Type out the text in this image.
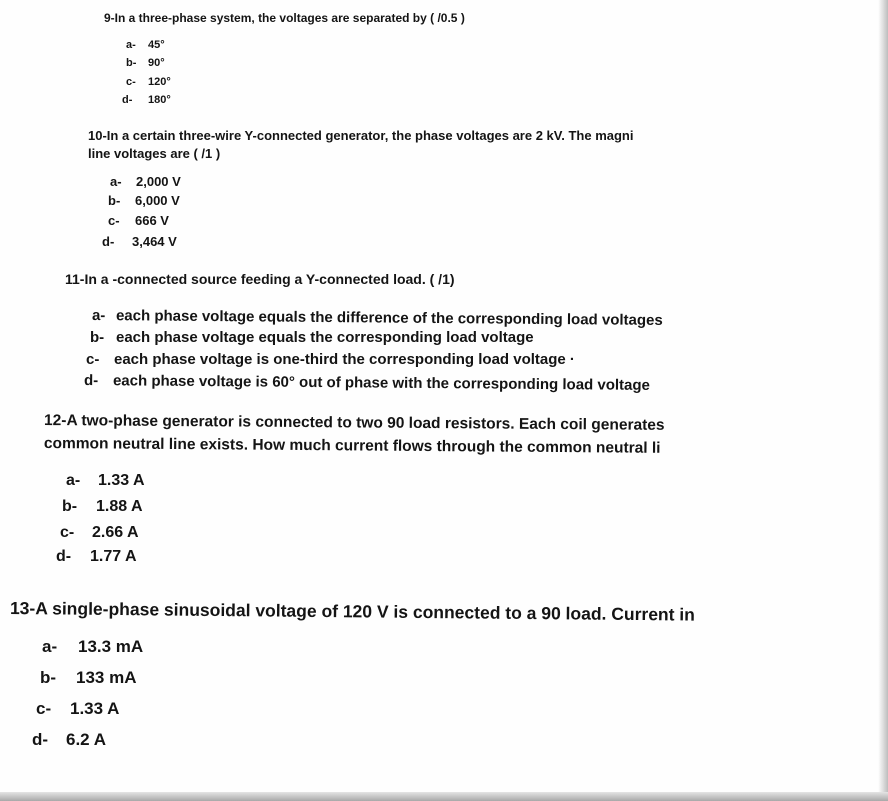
9-In a three-phase system, the voltages are separated by ( /0.5 )
a- 45°
b- 90°
c- 120°
d- 180°
10-In a certain three-wire Y-connected generator, the phase voltages are 2 kV. The magni
line voltages are ( /1 )
a- 2,000 V
b- 6,000 V
c- 666 V
d- 3,464 V
11-In a -connected source feeding a Y-connected load. ( /1)
a- each phase voltage equals the difference of the corresponding load voltages
b- each phase voltage equals the corresponding load voltage
c- each phase voltage is one-third the corresponding load voltage ·
d- each phase voltage is 60° out of phase with the corresponding load voltage
12-A two-phase generator is connected to two 90 load resistors. Each coil generates
common neutral line exists. How much current flows through the common neutral li
a- 1.33 A
b- 1.88 A
c- 2.66 A
d- 1.77 A
13-A single-phase sinusoidal voltage of 120 V is connected to a 90 load. Current in
a- 13.3 mA
b- 133 mA
c- 1.33 A
d- 6.2 A
